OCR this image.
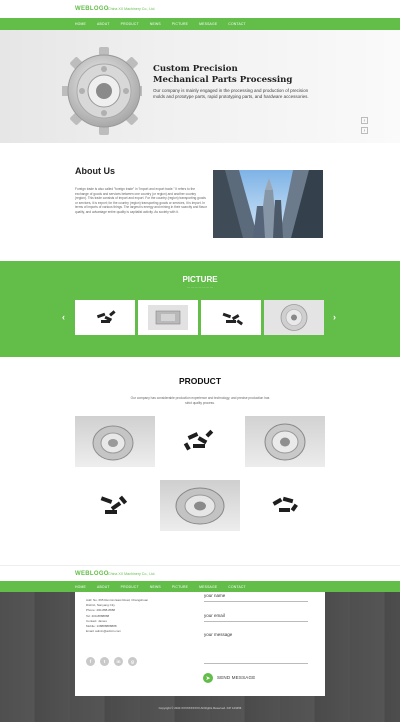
WEBLOGO China XX Machinery Co., Ltd.
HOME	ABOUT	PRODUCT	NEWS	PICTURE	MESSAGE	CONTACT
Custom Precision
Mechanical Parts Processing
Our company is mainly engaged in the processing and production of precision molds and prototype parts, rapid prototyping parts, and hardware accessories.
‹
›
About Us
Foreign trade is also called "foreign trade" in "import and export trade." It refers to the exchange of goods and services between one country (or region) and another country (region). This trade consists of import and export. For the country (region) transporting goods or services, it is export; for the country (region) transporting goods or services, it is import. In terms of imports of various things. The largest is energy and mining in their scarcity and flavor quality, and advantage entire quality is capitalist activity. As society with it.
PICTURE
— — — — — — —
‹	›
PRODUCT
Our company has considerable production experience and technology, and precise production has strict quality process.
WEBLOGO China XX Machinery Co., Ltd.
HOME	ABOUT	PRODUCT	NEWS	PICTURE	MESSAGE	CONTACT
Add: No. 695 Renmin East Road, Changshuan
District, Nanyang City
Phone: 400-888-8888
Tel: 400-8888888
Contact: James
Mobile: 138888888888
Email: admin@admin.com
f	t	in	g
your name
your email
your message
➤	SEND MESSAGE
Copyright © 2024 XXXXXXXXXX All Rights Reserved. ICP 123456
